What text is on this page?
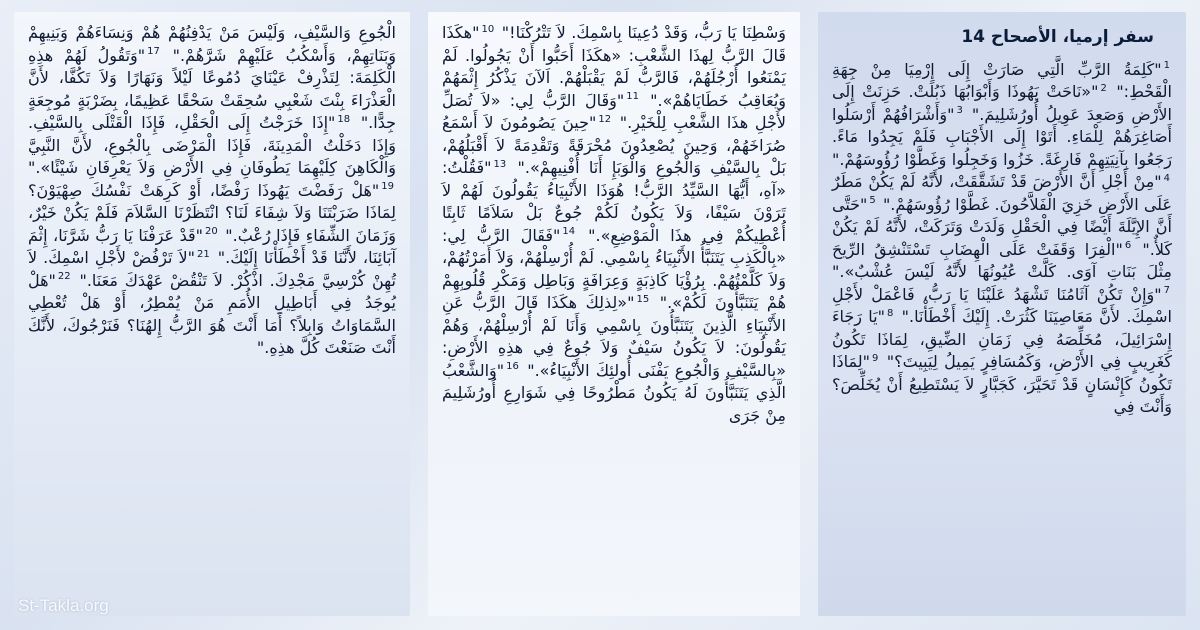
سفر إرميا، الأصحاح 14

$^1$"كَلِمَةُ الرَّبِّ الَّتِي صَارَتْ إِلَى إِرْمِيَا مِنْ جِهَةِ الْقَحْطِ:" $^2$"«نَاحَتْ يَهُوذَا وَأَبْوَابُهَا ذَبُلَتْ. حَزِنَتْ إِلَى الأَرْضِ وَصَعِدَ عَوِيلُ أُورُشَلِيمَ." $^3$"وَأَشْرَافُهُمْ أَرْسَلُوا أَصَاغِرَهُمْ لِلْمَاءِ. أَتَوْا إِلَى الأَجْبَابِ فَلَمْ يَجِدُوا مَاءً. رَجَعُوا بِآنِيَتِهِمْ فَارِغَةً. خَزُوا وَخَجِلُوا وَغَطَّوْا رُؤُوسَهُمْ." $^4$"مِنْ أَجْلِ أَنَّ الأَرْضَ قَدْ تَشَقَّقَتْ، لأَنَّهُ لَمْ يَكُنْ مَطَرٌ عَلَى الأَرْضِ خَزِيَ الْفَلاَّحُونَ. غَطَّوْا رُؤُوسَهُمْ." $^5$"حَتَّى أَنَّ الإِيَّلَةَ أَيْضًا فِي الْحَقْلِ وَلَدَتْ وَتَرَكَتْ، لأَنَّهُ لَمْ يَكُنْ كَلأٌ." $^6$"الْفِرَا وَقَفَتْ عَلَى الْهِضَابِ تَسْتَنْشِقُ الرِّيحَ مِثْلَ بَنَاتِ آوَى. كَلَّتْ عُيُونُهَا لأَنَّهُ لَيْسَ عُشْبٌ»." $^7$"وَإِنْ تَكُنْ آثَامُنَا تَشْهَدُ عَلَيْنَا يَا رَبُّ، فَاعْمَلْ لأَجْلِ اسْمِكَ. لأَنَّ مَعَاصِيَنَا كَثُرَتْ. إِلَيْكَ أَخْطَأْنَا." $^8$"يَا رَجَاءَ إِسْرَائِيلَ، مُخَلِّصَهُ فِي زَمَانِ الضِّيقِ، لِمَاذَا تَكُونُ كَغَرِيبٍ فِي الأَرْضِ، وَكَمُسَافِرٍ يَمِيلُ لِيَبِيتَ؟" $^9$"لِمَاذَا تَكُونُ كَإِنْسَانٍ قَدْ تَحَيَّرَ، كَجَبَّارٍ لاَ يَسْتَطِيعُ أَنْ يُخَلِّصَ؟ وَأَنْتَ فِي

وَسْطِنَا يَا رَبُّ، وَقَدْ دُعِينَا بِاسْمِكَ. لاَ تَتْرُكْنَا!" $^{10}$"هكَذَا قَالَ الرَّبُّ لِهذَا الشَّعْبِ: «هكَذَا أَحَبُّوا أَنْ يَجُولُوا. لَمْ يَمْنَعُوا أَرْجُلَهُمْ، فَالرَّبُّ لَمْ يَقْبَلْهُمْ. اَلآنَ يَذْكُرُ إِثْمَهُمْ وَيُعَاقِبُ خَطَايَاهُمْ»." $^{11}$"وَقَالَ الرَّبُّ لِي: «لاَ تُصَلِّ لأَجْلِ هذَا الشَّعْبِ لِلْخَيْرِ." $^{12}$"حِينَ يَصُومُونَ لاَ أَسْمَعُ صُرَاخَهُمْ، وَحِينَ يُصْعِدُونَ مُحْرَقَةً وَتَقْدِمَةً لاَ أَقْبَلُهُمْ، بَلْ بِالسَّيْفِ وَالْجُوعِ وَالْوَبَإِ أَنَا أُفْنِيهِمْ»." $^{13}$"فَقُلْتُ: «آهِ، أَيُّهَا السَّيِّدُ الرَّبُّ! هُوَذَا الأَنْبِيَاءُ يَقُولُونَ لَهُمْ لاَ تَرَوْنَ سَيْفًا، وَلاَ يَكُونُ لَكُمْ جُوعٌ بَلْ سَلاَمًا ثَابِتًا أُعْطِيكُمْ فِي هذَا الْمَوْضِعِ»." $^{14}$"فَقَالَ الرَّبُّ لِي: «بِالْكَذِبِ يَتَنَبَّأُ الأَنْبِيَاءُ بِاسْمِي. لَمْ أُرْسِلْهُمْ، وَلاَ أَمَرْتُهُمْ، وَلاَ كَلَّمْتُهُمْ. بِرُؤْيَا كَاذِبَةٍ وَعِرَافَةٍ وَبَاطِل وَمَكْرِ قُلُوبِهِمْ هُمْ يَتَنَبَّأُونَ لَكُمْ»." $^{15}$"«لِذلِكَ هكَذَا قَالَ الرَّبُّ عَنِ الأَنْبِيَاءِ الَّذِينَ يَتَنَبَّأُونَ بِاسْمِي وَأَنَا لَمْ أُرْسِلْهُمْ، وَهُمْ يَقُولُونَ: لاَ يَكُونُ سَيْفٌ وَلاَ جُوعٌ فِي هذِهِ الأَرْضِ: «بِالسَّيْفِ وَالْجُوعِ يَفْنَى أُولئِكَ الأَنْبِيَاءُ»." $^{16}$"وَالشَّعْبُ الَّذِي يَتَنَبَّأُونَ لَهُ يَكُونُ مَطْرُوحًا فِي شَوَارِعِ أُورُشَلِيمَ مِنْ جَرَى

الْجُوعِ وَالسَّيْفِ، وَلَيْسَ مَنْ يَدْفِنُهُمْ هُمْ وَنِسَاءَهُمْ وَبَنِيهِمْ وَبَنَاتِهِمْ، وَأَسْكُبُ عَلَيْهِمْ شَرَّهُمْ." $^{17}$"وَتَقُولُ لَهُمْ هذِهِ الْكَلِمَةَ: لِتَذْرِفْ عَيْنَايَ دُمُوعًا لَيْلاً وَنَهَارًا وَلاَ تَكُفَّا، لأَنَّ الْعَذْرَاءَ بِنْتَ شَعْبِي سُحِقَتْ سَحْقًا عَظِيمًا، بِضَرْبَةٍ مُوجِعَةٍ جِدًّا." $^{18}$"إِذَا خَرَجْتُ إِلَى الْحَقْلِ، فَإِذَا الْقَتْلَى بِالسَّيْفِ. وَإِذَا دَخَلْتُ الْمَدِينَةَ، فَإِذَا الْمَرْضَى بِالْجُوعِ، لأَنَّ النَّبِيَّ وَالْكَاهِنَ كِلَيْهِمَا يَطُوفَانِ فِي الأَرْضِ وَلاَ يَعْرِفَانِ شَيْئًا»." $^{19}$"هَلْ رَفَضْتَ يَهُوذَا رَفْضًا، أَوْ كَرِهَتْ نَفْسُكَ صِهْيَوْنَ؟ لِمَاذَا ضَرَبْتَنَا وَلاَ شِفَاءَ لَنَا؟ انْتَظَرْنَا السَّلاَمَ فَلَمْ يَكُنْ خَيْرٌ، وَزَمَانَ الشِّفَاءِ فَإِذَا رُعْبٌ." $^{20}$"قَدْ عَرَفْنَا يَا رَبُّ شَرَّنَا، إِثْمَ آبَائِنَا، لأَنَّنَا قَدْ أَخْطَأْنَا إِلَيْكَ." $^{21}$"لاَ تَرْفُضْ لأَجْلِ اسْمِكَ. لاَ تُهِنْ كُرْسِيَّ مَجْدِكَ. اذْكُرْ. لاَ تَنْقُضْ عَهْدَكَ مَعَنَا." $^{22}$"هَلْ يُوجَدُ فِي أَبَاطِيلِ الأُمَمِ مَنْ يُمْطِرُ، أَوْ هَلْ تُعْطِي السَّمَاوَاتُ وَابِلاً؟ أَمَا أَنْتَ هُوَ الرَّبُّ إِلهُنَا؟ فَنَرْجُوكَ، لأَنَّكَ أَنْتَ صَنَعْتَ كُلَّ هذِهِ."

St-Takla.org
